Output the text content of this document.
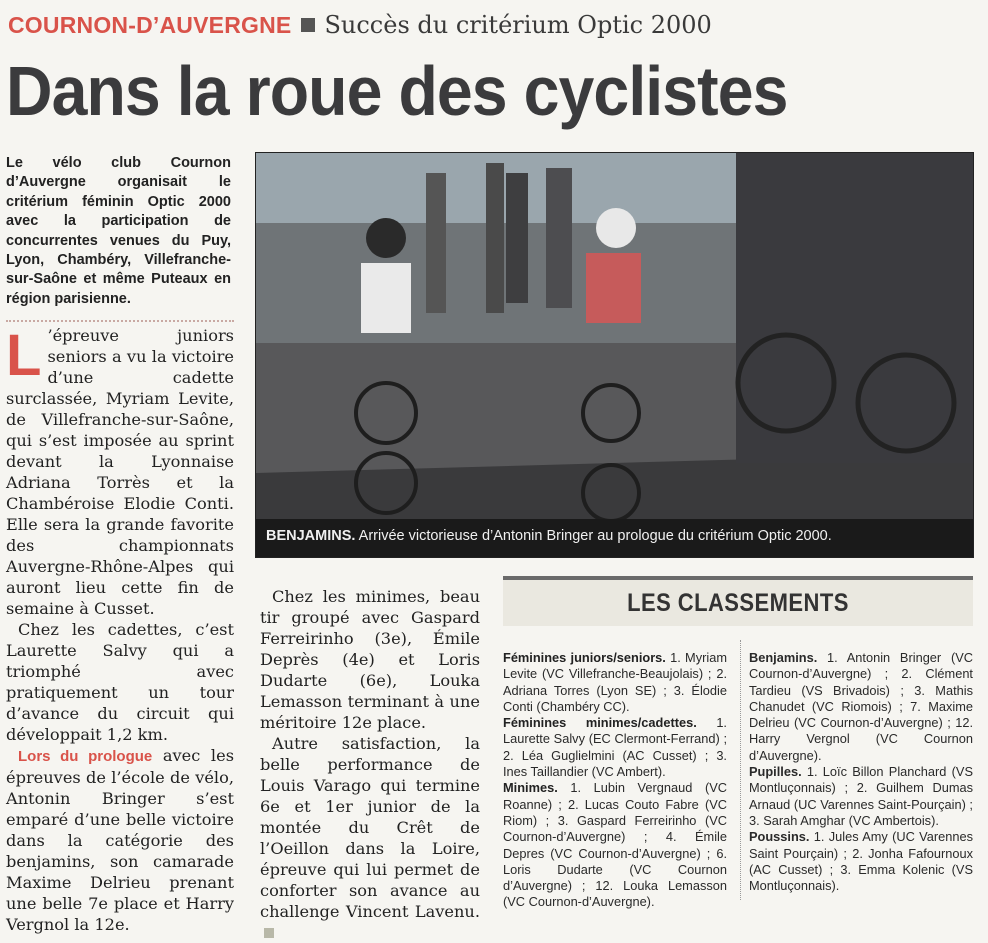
COURNON-D’AUVERGNE Succès du critérium Optic 2000
Dans la roue des cyclistes
Le vélo club Cournon d’Auvergne organisait le critérium féminin Optic 2000 avec la participation de concurrentes venues du Puy, Lyon, Chambéry, Villefranche-sur-Saône et même Puteaux en région parisienne.

L ’épreuve juniors seniors a vu la victoire d’une cadette surclassée, Myriam Levite, de Villefranche-sur-Saône, qui s’est imposée au sprint devant la Lyonnaise Adriana Torrès et la Chambéroise Elodie Conti. Elle sera la grande favorite des championnats Auvergne-Rhône-Alpes qui auront lieu cette fin de semaine à Cusset.

Chez les cadettes, c’est Laurette Salvy qui a triomphé avec pratiquement un tour d’avance du circuit qui développait 1,2 km.

Lors du prologue avec les épreuves de l’école de vélo, Antonin Bringer s’est emparé d’une belle victoire dans la catégorie des benjamins, son camarade Maxime Delrieu prenant une belle 7e place et Harry Vergnol la 12e.

Chez les minimes, beau tir groupé avec Gaspard Ferreirinho (3e), Émile Deprès (4e) et Loris Dudarte (6e), Louka Lemasson terminant à une méritoire 12e place.

Autre satisfaction, la belle performance de Louis Varago qui termine 6e et 1er junior de la montée du Crêt de l’Oeillon dans la Loire, épreuve qui lui permet de conforter son avance au challenge Vincent Lavenu.

BENJAMINS. Arrivée victorieuse d’Antonin Bringer au prologue du critérium Optic 2000.
LES CLASSEMENTS

Féminines juniors/seniors. 1. Myriam Levite (VC Villefranche-Beaujolais) ; 2. Adriana Torres (Lyon SE) ; 3. Élodie Conti (Chambéry CC).

Féminines minimes/cadettes. 1. Laurette Salvy (EC Clermont-Ferrand) ; 2. Léa Guglielmini (AC Cusset) ; 3. Ines Taillandier (VC Ambert).

Minimes. 1. Lubin Vergnaud (VC Roanne) ; 2. Lucas Couto Fabre (VC Riom) ; 3. Gaspard Ferreirinho (VC Cournon-d’Auvergne) ; 4. Émile Depres (VC Cournon-d’Auvergne) ; 6. Loris Dudarte (VC Cournon d’Auvergne) ; 12. Louka Lemasson (VC Cournon-d’Auvergne).

Benjamins. 1. Antonin Bringer (VC Cournon-d’Auvergne) ; 2. Clément Tardieu (VS Brivadois) ; 3. Mathis Chanudet (VC Riomois) ; 7. Maxime Delrieu (VC Cournon-d’Auvergne) ; 12. Harry Vergnol (VC Cournon d’Auvergne).

Pupilles. 1. Loïc Billon Planchard (VS Montluçonnais) ; 2. Guilhem Dumas Arnaud (UC Varennes Saint-Pourçain) ; 3. Sarah Amghar (VC Ambertois).

Poussins. 1. Jules Amy (UC Varennes Saint Pourçain) ; 2. Jonha Fafournoux (AC Cusset) ; 3. Emma Kolenic (VS Montluçonnais).
